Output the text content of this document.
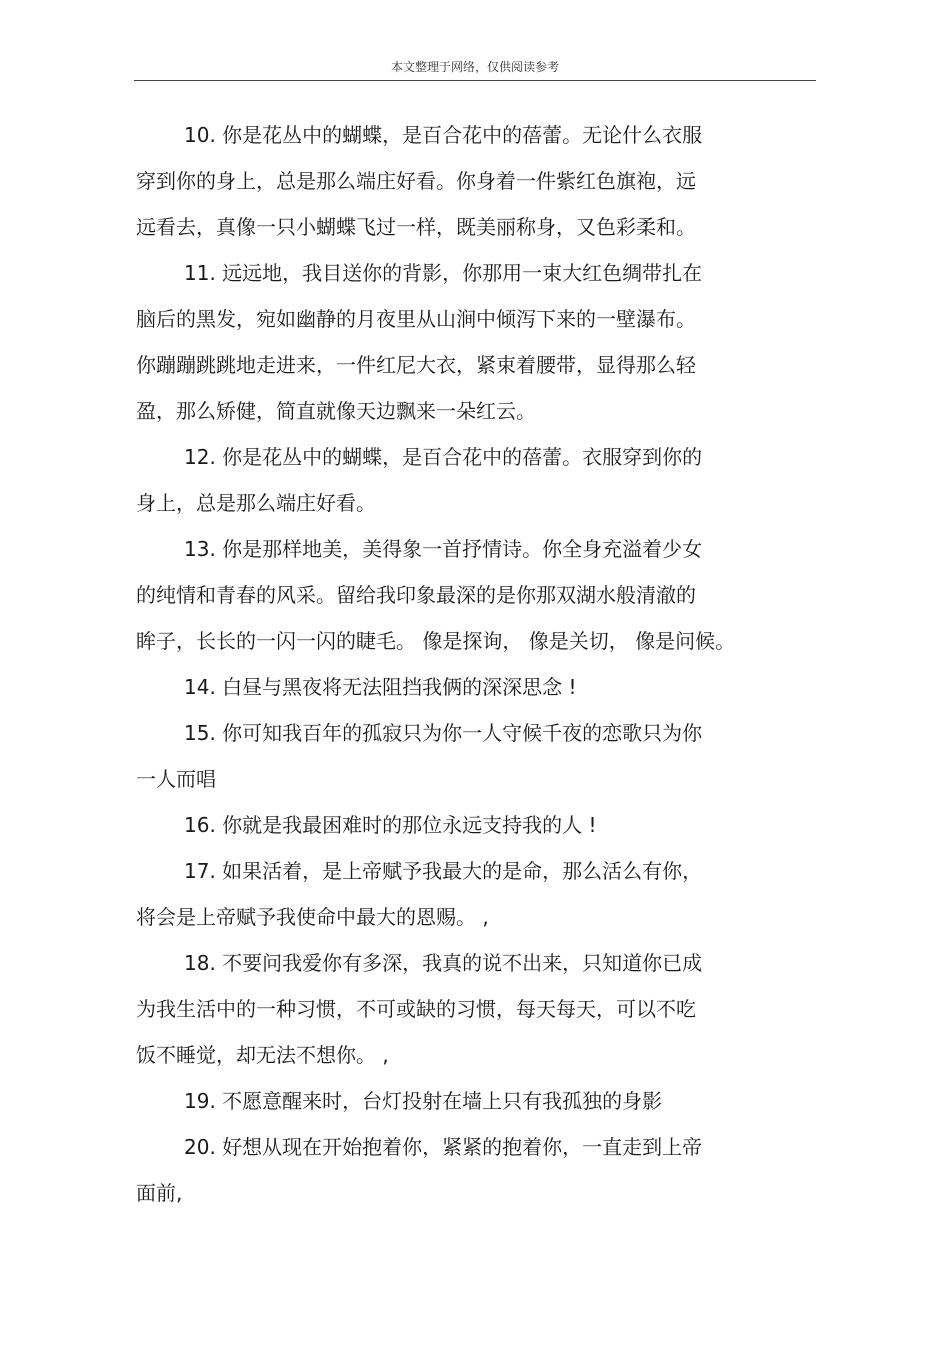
本文整理于网络，仅供阅读参考
10. 你是花丛中的蝴蝶，是百合花中的蓓蕾。无论什么衣服
穿到你的身上，总是那么端庄好看。你身着一件紫红色旗袍，远
远看去，真像一只小蝴蝶飞过一样，既美丽称身，又色彩柔和。
11. 远远地，我目送你的背影，你那用一束大红色绸带扎在
脑后的黑发，宛如幽静的月夜里从山涧中倾泻下来的一壁瀑布。
你蹦蹦跳跳地走进来，一件红尼大衣，紧束着腰带，显得那么轻
盈，那么矫健，简直就像天边飘来一朵红云。
12. 你是花丛中的蝴蝶，是百合花中的蓓蕾。衣服穿到你的
身上，总是那么端庄好看。
13. 你是那样地美，美得象一首抒情诗。你全身充溢着少女
的纯情和青春的风采。留给我印象最深的是你那双湖水般清澈的
眸子，长长的一闪一闪的睫毛。 像是探询， 像是关切， 像是问候。
14. 白昼与黑夜将无法阻挡我俩的深深思念 !
15. 你可知我百年的孤寂只为你一人守候千夜的恋歌只为你
一人而唱
16. 你就是我最困难时的那位永远支持我的人 !
17. 如果活着，是上帝赋予我最大的是命，那么活么有你，
将会是上帝赋予我使命中最大的恩赐。 ,
18. 不要问我爱你有多深，我真的说不出来，只知道你已成
为我生活中的一种习惯，不可或缺的习惯，每天每天，可以不吃
饭不睡觉，却无法不想你。 ,
19. 不愿意醒来时，台灯投射在墙上只有我孤独的身影
20. 好想从现在开始抱着你，紧紧的抱着你，一直走到上帝
面前,
